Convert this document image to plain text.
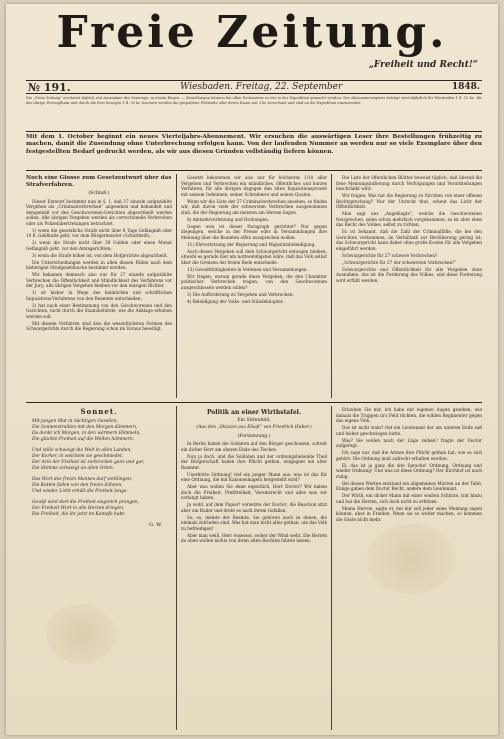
Freie Zeitung.
„Freiheit und Recht!“
№ 191.	Wiesbaden. Freitag, 22. September	1848.
Die „Freie Zeitung“ erscheint täglich, mit Ausnahme des Sonntags, in einem Bogen. — Bestellungen können bei allen Postämtern so wie in der Expedition gemacht werden. Der Abonnementspreis beträgt vierteljährlich für Wiesbaden 1 fl. 12 kr., für das übrige Herzogthum und durch die Post bezogen 1 fl. 30 kr. Inserate werden die gespaltene Petitzeile oder deren Raum mit 3 kr. berechnet und sind an die Expedition einzusenden.
Mit dem 1. October beginnt ein neues Vierteljahrs-Abonnement. Wir ersuchen die auswärtigen Leser ihre Bestellungen frühzeitig zu machen, damit die Zusendung ohne Unterbrechung erfolgen kann. Von der laufenden Nummer an werden nur so viele Exemplare über den festgestellten Bedarf gedruckt werden, als wir aus diesen Gründen vollständig liefern können.
Noch eine Glosse zum Gesetzentwurf über das Strafverfahren.
(Schluß.)

Dieser Entwurf bestimmt nun in §. 1, daß 27 einzeln aufgezählte Vergehen als „Criminalverbrechen“ angesehen und behandelt und demgemäß vor den Geschworenen-Gerichten abgeurtheilt werden sollen. Alle übrigen Vergehen werden als correctionelle Verbrechen oder als Polizeiübertretungen betrachtet.

1) wenn die gesetzliche Strafe nicht über 8 Tage Gefängniß oder 10 fl. Geldbuße geht, vor dem Bürgermeister (Schultheiß);

2) wenn die Strafe nicht über 30 Gulden oder einen Monat Gefängniß geht, vor den Amtsgerichten;

3) wenn die Strafe höher ist, von dem Hofgerichte abgeurtheilt.

Die Unterscheidungen werden in allen diesen Fällen nach dem bisherigen Strafgesetzbuche bestimmt werden.

Wir bekamen demnach also nur für 27 einzeln aufgezählte Verbrechen die Öffentlichkeit und Mündlichkeit des Verfahrens vor der Jury; alle übrigen Vergehen bleiben vor den einzigen Richter.

1) ist bisher in Wege des heimlichen und schriftlichen Inquisitions-Verfahrens von den Beamten entschieden;

2) hat nach einer Bestimmung von den Geschworenen und den Gerichten, nicht durch die Staatsbehörde, wie die Anklage erhoben werden soll.

Mit diesem Verfahren sind also die wesentlichsten Formen des Schwurgerichts durch die Regierung schon im Voraus beseitigt.

Gesetzt bekommen wir also nur für höchstens 1/10 aller Vergehen und Verbrechen ein mündliches, öffentliches und kurzes Verfahren, für alle übrigen dagegen den alten Inquisitionsprozeß mit seinem Geheimen, seiner Schreiberei und seinen Qualen.

Wenn wir die Liste der 27 Criminalverbrechen ansehen, so finden wir, daß davon viele der schwersten Verbrechen ausgenommen sind, die der Regierung am meisten am Herzen liegen.

8) Amtsehrverletzung und Drohungen.

Gegen wen ist dieser Paragraph gerichtet? Nur gegen diejenigen, welche in der Presse oder in Versammlungen ihre Meinung über die Beamten offen aussprechen wollen.

11) Ehrverletzung der Regierung und Majestätsbeleidigung.

Auch dieses Vergehen soll dem Schwurgericht entzogen bleiben, obwohl es gerade hier am nothwendigsten wäre, daß das Volk selbst über die Grenzen der freien Rede entscheide.

13) Gewaltthätigkeiten in Vereinen und Versammlungen.

Wir fragen, warum gerade diese Vergehen, die den Charakter politischer Verbrechen tragen, von den Geschworenen ausgeschlossen werden sollen?

3) Die Aufforderung zu Vergehen und Verbrechen.

4) Beleidigung der Volks- und Ständehäupter.

Die Liste der öffentlichen Blätter beweist täglich, daß überall die freie Meinungsäußerung durch Verfolgungen und Verurtheilungen beschränkt wird.

Wir fragen: Was hat die Regierung zu fürchten von einer offenen Rechtsprechung? Nur der Unrecht thut, scheut das Licht der Öffentlichkeit.

Man sagt uns „Angeklagte“, welche die Geschworenen freisprechen, seien schon mehrfach vorgekommen; es ist aber eben das Recht des Volkes, selbst zu richten.

Es ist bekannt, daß die Zahl der Criminalfälle, die bei den Gerichten vorkommen, im Verhältniß zur Bevölkerung gering ist; das Schwurgericht kann daher ohne große Kosten für alle Vergehen eingeführt werden.

Schwurgerichte für 27 schwere Verbrechen?

„Schwurgerichte für 27 der schwersten Verbrechen!“

Schwurgerichte und Öffentlichkeit für alle Vergehen ohne Ausnahme, das ist die Forderung des Volkes, und diese Forderung wird erfüllt werden.

Sonnet.
Mit jungen Mut in nächtigen Gesellen,
Die Sonnenstrahlen mit den Morgen dämmern,
Da denkt ich Morgen, in den wärmern Himmeln,
Die glückte Freiheit auf die Welten hämmern.
Und stille schweigt die Welt in allen Landen,
Der Kerker, in welchem sie geschmiedet,
Der Arm der Freiheit ist zerbrochen ganz und gar,
Die Stimme schweigt an allen Orten.
Das Wort des freien Mannes darf verklingen,
Die Ketten fallen von den freien Söhnen,
Und wieder Licht erhält die Freiheit lange.
Gewiß wird dort die Freiheit siegreich prangen,
Der Freiheit Wort in alle Herzen dringen,
Die Freiheit, die ihr jetzt im Kampfe habt.
G. W.
Politik an einer Wirthstafel.
Ein Sittenbild.
(Aus den „Skizzen aus Elsaß“ von Friedrich Huber.)
(Fortsetzung.)

In Berlin haben die Soldaten auf den Bürger geschossen, schreit ein dicker Herr am oberen Ende des Tisches.

Nun ja doch, und die Soldaten und der ordnungsliebende Theil der Bürgerschaft haben ihre Pflicht gethan, entgegnet ein alter Beamter.

Unerhörte Ordnung! rief ein junger Mann aus; was ist das für eine Ordnung, die mit Kanonenkugeln hergestellt wird?

Aber was wollen Sie denn eigentlich, Herr Doctor? Wir haben doch die Freiheit, Preßfreiheit, Vereinsrecht und alles was wir verlangt haben.

Ja wohl, auf dem Papier! versetzte der Doctor; die Reaction sitzt aber am Ruder und dreht es nach ihrem Gefallen.

So, so, meinte der Beamte, Sie gehören auch zu denen, die niemals zufrieden sind. Was hat man nicht alles gethan, um das Volk zu befriedigen!

Aber man weiß, Herr Assessor, woher der Wind weht. Die Herren da oben wollen nichts von ihren alten Rechten fahren lassen.

Erlauben Sie mir, ich habe mit eigenen Augen gesehen, wie damals die Truppen in's Feld rückten, die wilden Regimenter gegen das eigene Volk.

Das ist nicht wahr! rief ein Lieutenant der am unteren Ende saß und bisher geschwiegen hatte.

Was? Sie wollen mich der Lüge zeihen? fragte der Doctor aufgeregt.

Ich sage nur, daß die Armee ihre Pflicht gethan hat, wie es sich gehört. Die Ordnung muß aufrecht erhalten werden.

Ei, das ist ja ganz die alte Sprache! Ordnung, Ordnung und wieder Ordnung! Und was ist diese Ordnung? Der Kirchhof ist auch ruhig.

Bei diesen Worten entstand ein allgemeines Murren an der Tafel. Einige gaben dem Doctor Recht, andere dem Lieutenant.

Der Wirth, ein dicker Mann mit einer weißen Schürze, trat hinzu und bat die Herren, sich doch nicht zu erhitzen.

Meine Herren, sagte er, bei mir soll jeder seine Meinung sagen können, aber in Frieden. Wenn sie so weiter machen, so kommen die Gäste nicht mehr.
